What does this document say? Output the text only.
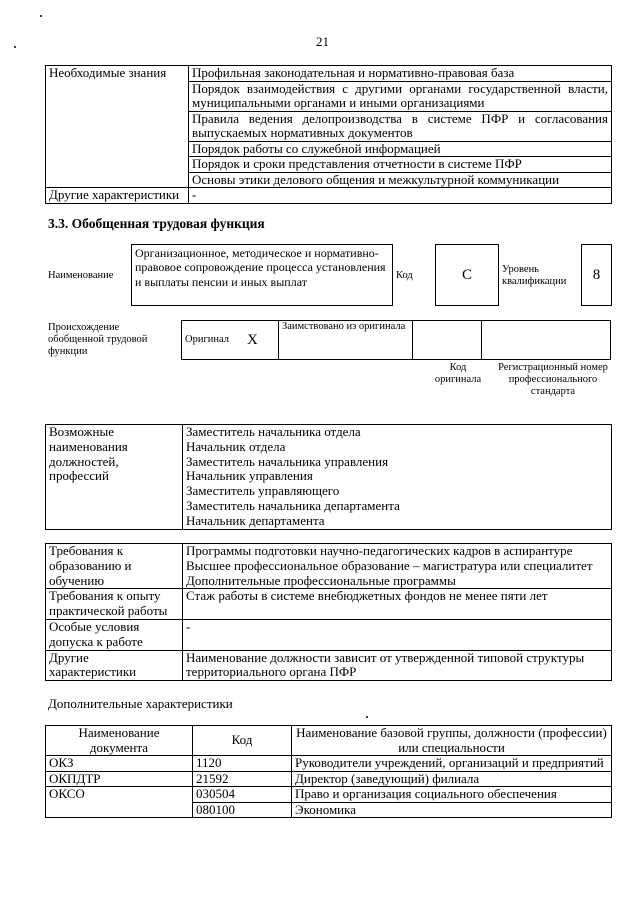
21
Необходимые знания	Профильная законодательная и нормативно-правовая база
	Порядок взаимодействия с другими органами государственной власти, муниципальными органами и иными организациями
	Правила ведения делопроизводства в системе ПФР и согласования выпускаемых нормативных документов
	Порядок работы со служебной информацией
	Порядок и сроки представления отчетности в системе ПФР
	Основы этики делового общения и межкультурной коммуникации
Другие характеристики	-
3.3. Обобщенная трудовая функция
Наименование
Организационное, методическое и нормативно-правовое сопровождение процесса установления и выплаты пенсии и иных выплат	Код	C	Уровень квалификации	8
Происхождение обобщенной трудовой функции
Оригинал	X	Заимствовано из оригинала		
Код оригинала
Регистрационный номер профессионального стандарта
Возможные наименования должностей, профессий	Заместитель начальника отдела
Начальник отдела
Заместитель начальника управления
Начальник управления
Заместитель управляющего
Заместитель начальника департамента
Начальник департамента
Требования к образованию и обучению	Программы подготовки научно-педагогических кадров в аспирантуре
Высшее профессиональное образование – магистратура или специалитет
Дополнительные профессиональные программы

Требования к опыту практической работы	Стаж работы в системе внебюджетных фондов не менее пяти лет
Особые условия допуска к работе	-
Другие характеристики	Наименование должности зависит от утвержденной типовой структуры территориального органа ПФР
Дополнительные характеристики
Наименование документа	Код	Наименование базовой группы, должности (профессии) или специальности
ОКЗ	1120	Руководители учреждений, организаций и предприятий
ОКПДТР	21592	Директор (заведующий) филиала
ОКСО	030504	Право и организация социального обеспечения
	080100	Экономика
